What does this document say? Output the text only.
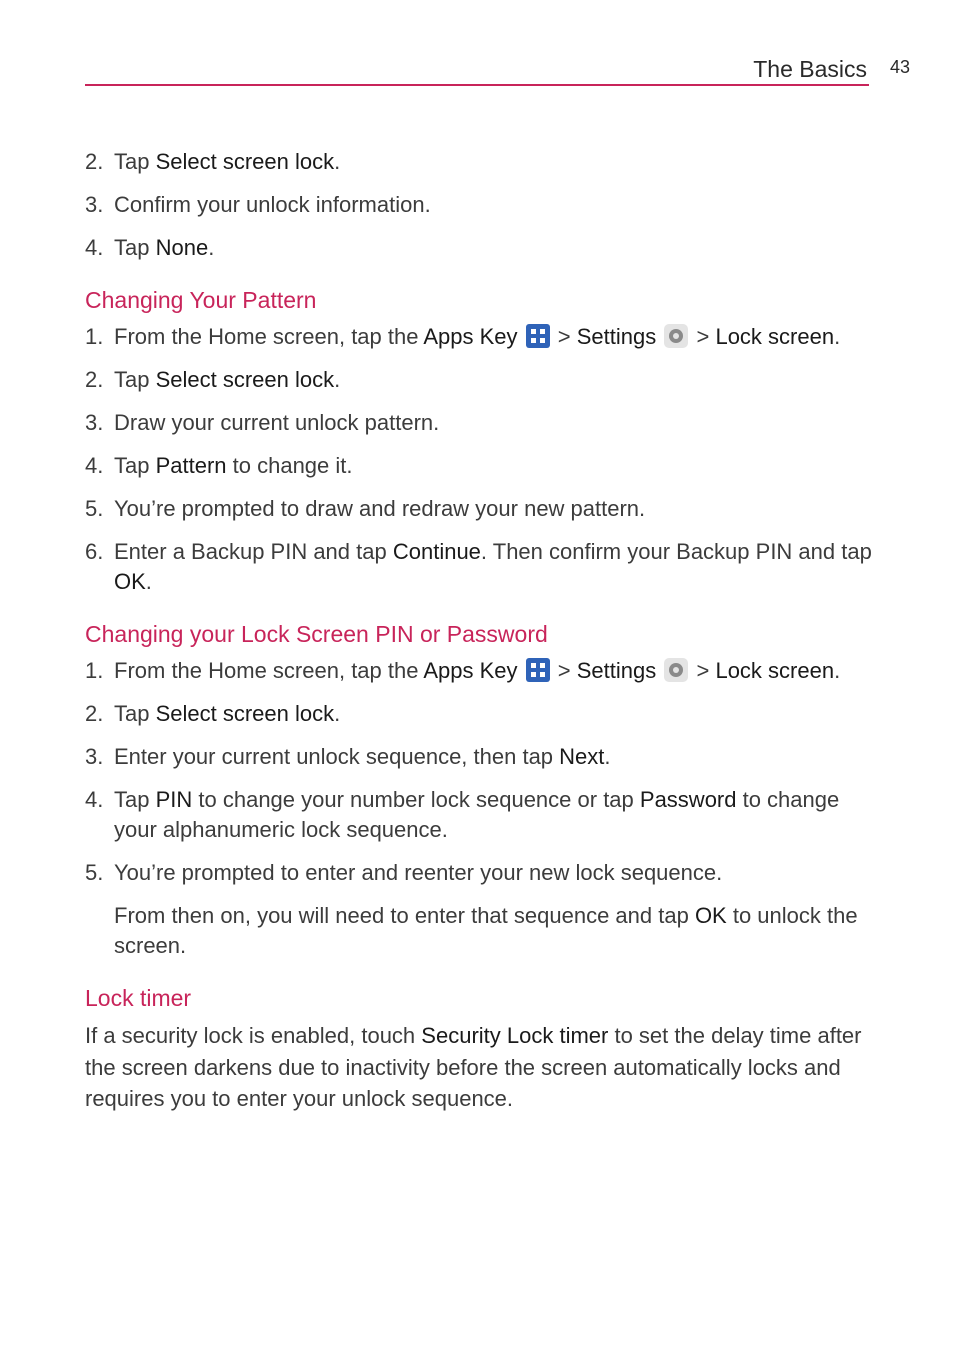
The Basics 43
2. Tap Select screen lock.
3. Confirm your unlock information.
4. Tap None.
Changing Your Pattern
1. From the Home screen, tap the Apps Key  > Settings  > Lock screen.
2. Tap Select screen lock.
3. Draw your current unlock pattern.
4. Tap Pattern to change it.
5. You’re prompted to draw and redraw your new pattern.
6. Enter a Backup PIN and tap Continue. Then confirm your Backup PIN and tap OK.
Changing your Lock Screen PIN or Password
1. From the Home screen, tap the Apps Key  > Settings  > Lock screen.
2. Tap Select screen lock.
3. Enter your current unlock sequence, then tap Next.
4. Tap PIN to change your number lock sequence or tap Password to change your alphanumeric lock sequence.
5. You’re prompted to enter and reenter your new lock sequence.

From then on, you will need to enter that sequence and tap OK to unlock the screen.

Lock timer

If a security lock is enabled, touch Security Lock timer to set the delay time after the screen darkens due to inactivity before the screen automatically locks and requires you to enter your unlock sequence.
